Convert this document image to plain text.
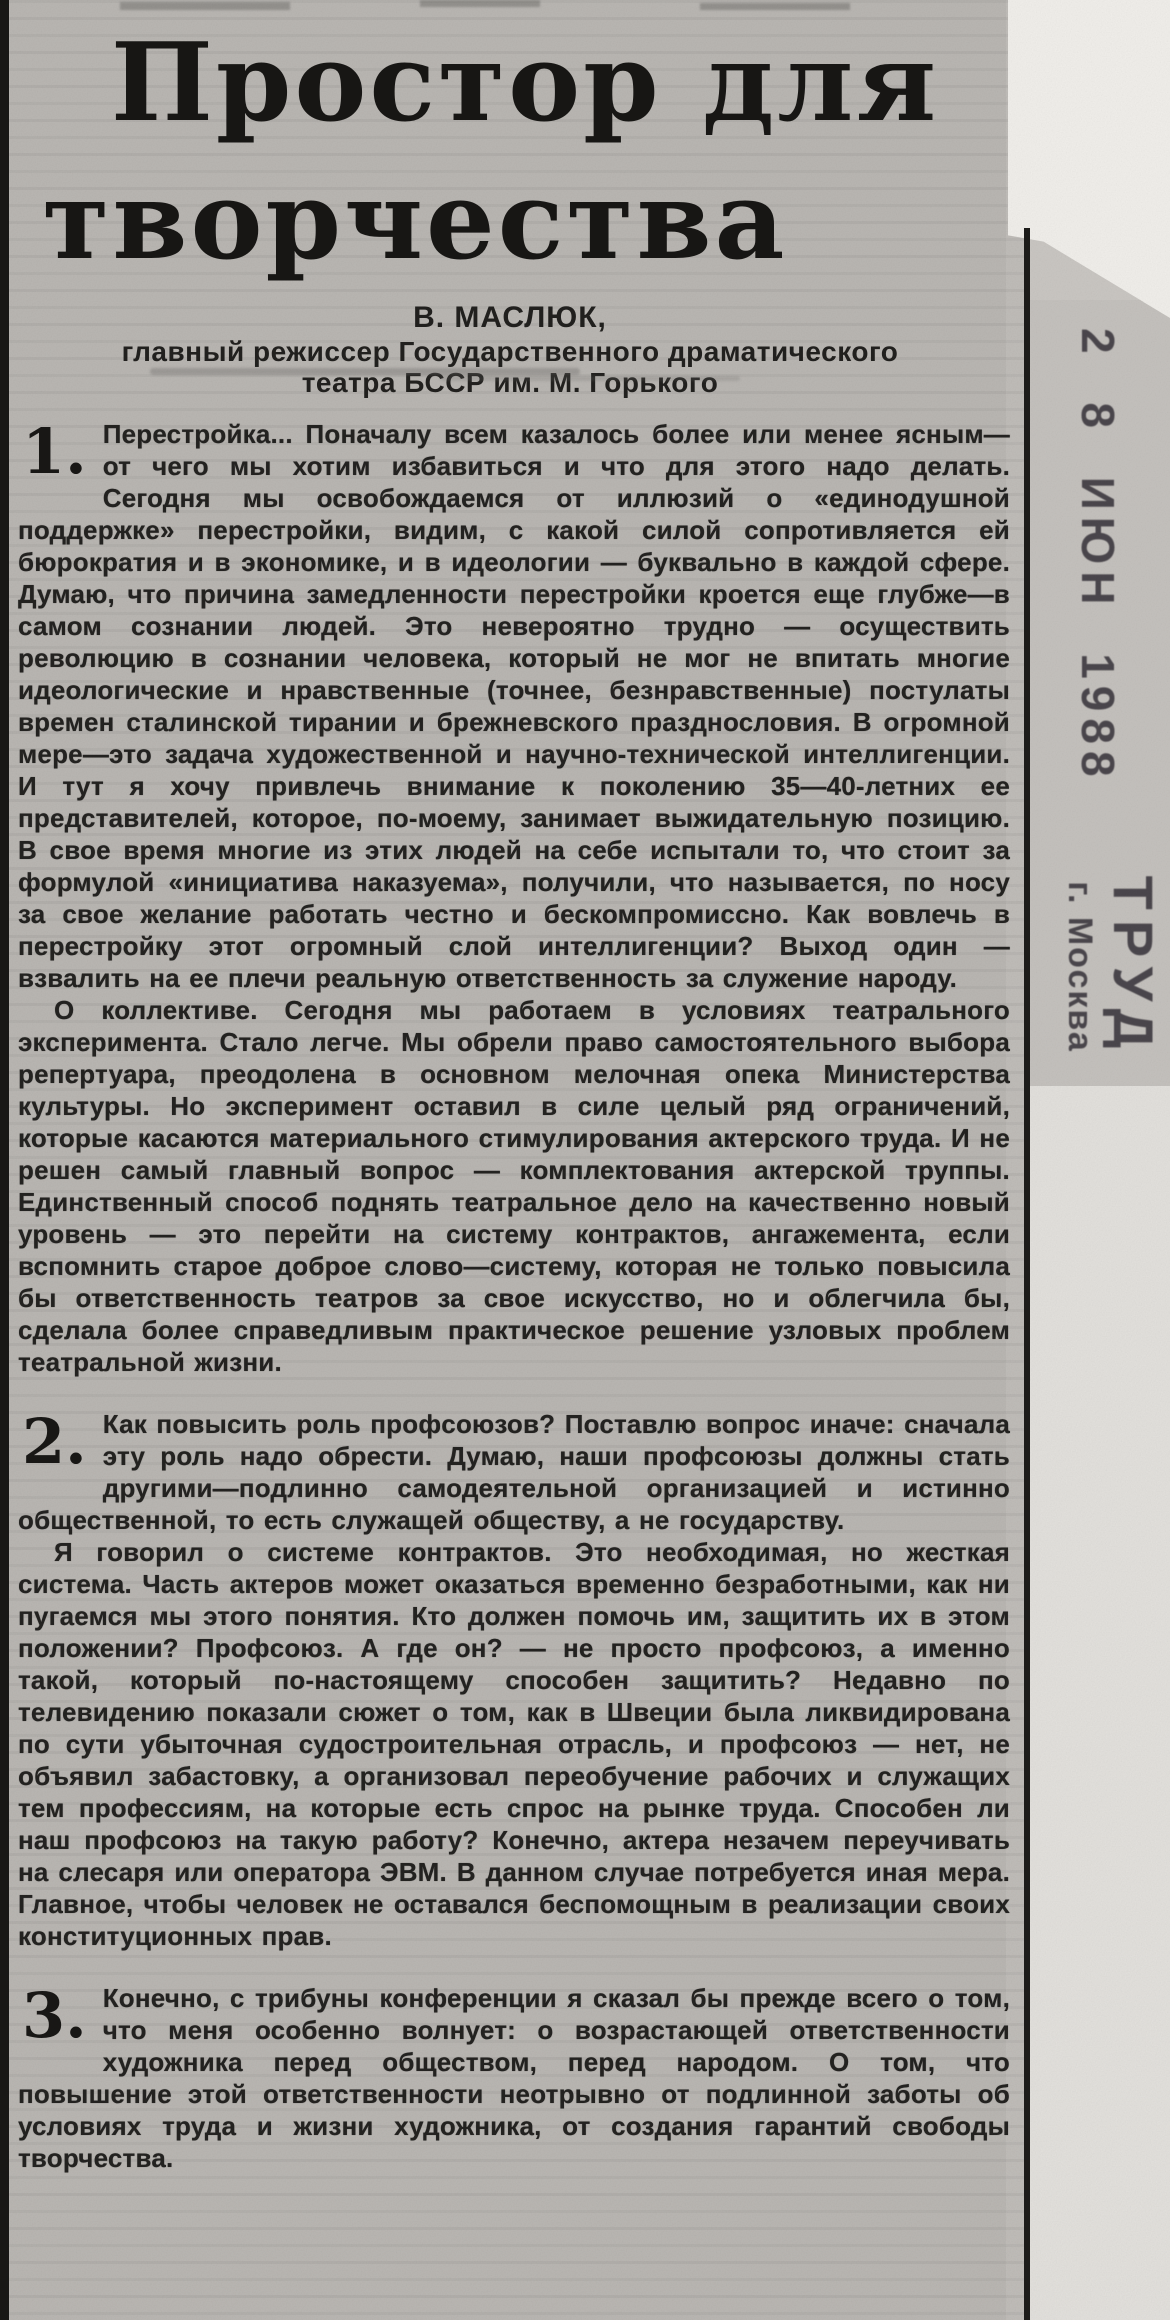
Простор для
творчества
В. МАСЛЮК,
главный режиссер Государственного драматического
театра БССР им. М. Горького
1. Перестройка... Поначалу всем казалось более или менее ясным—от чего мы хотим избавиться и что для этого надо делать. Сегодня мы освобождаемся от иллюзий о «единодушной поддержке» перестройки, видим, с какой силой сопротивляется ей бюрократия и в экономике, и в идеологии — буквально в каждой сфере. Думаю, что причина замедленности перестройки кроется еще глубже—в самом сознании людей. Это невероятно трудно — осуществить революцию в сознании человека, который не мог не впитать многие идеологические и нравственные (точнее, безнравственные) постулаты времен сталинской тирании и брежневского празднословия. В огромной мере—это задача художественной и научно-технической интеллигенции. И тут я хочу привлечь внимание к поколению 35—40-летних ее представителей, которое, по-моему, занимает выжидательную позицию. В свое время многие из этих людей на себе испытали то, что стоит за формулой «инициатива наказуема», получили, что называется, по носу за свое желание работать честно и бескомпромиссно. Как вовлечь в перестройку этот огромный слой интеллигенции? Выход один — взвалить на ее плечи реальную ответственность за служение народу.

О коллективе. Сегодня мы работаем в условиях театрального эксперимента. Стало легче. Мы обрели право самостоятельного выбора репертуара, преодолена в основном мелочная опека Министерства культуры. Но эксперимент оставил в силе целый ряд ограничений, которые касаются материального стимулирования актерского труда. И не решен самый главный вопрос — комплектования актерской труппы. Единственный способ поднять театральное дело на качественно новый уровень — это перейти на систему контрактов, ангажемента, если вспомнить старое доброе слово—систему, которая не только повысила бы ответственность театров за свое искусство, но и облегчила бы, сделала более справедливым практическое решение узловых проблем театральной жизни.

2. Как повысить роль профсоюзов? Поставлю вопрос иначе: сначала эту роль надо обрести. Думаю, наши профсоюзы должны стать другими—подлинно самодеятельной организацией и истинно общественной, то есть служащей обществу, а не государству.

Я говорил о системе контрактов. Это необходимая, но жесткая система. Часть актеров может оказаться временно безработными, как ни пугаемся мы этого понятия. Кто должен помочь им, защитить их в этом положении? Профсоюз. А где он? — не просто профсоюз, а именно такой, который по-настоящему способен защитить? Недавно по телевидению показали сюжет о том, как в Швеции была ликвидирована по сути убыточная судостроительная отрасль, и профсоюз — нет, не объявил забастовку, а организовал переобучение рабочих и служащих тем профессиям, на которые есть спрос на рынке труда. Способен ли наш профсоюз на такую работу? Конечно, актера незачем переучивать на слесаря или оператора ЭВМ. В данном случае потребуется иная мера. Главное, чтобы человек не оставался беспомощным в реализации своих конституционных прав.

3. Конечно, с трибуны конференции я сказал бы прежде всего о том, что меня особенно волнует: о возрастающей ответственности художника перед обществом, перед народом. О том, что повышение этой ответственности неотрывно от подлинной заботы об условиях труда и жизни художника, от создания гарантий свободы творчества.

2 8 ИЮН 1988
ТРУД
г. Москва
